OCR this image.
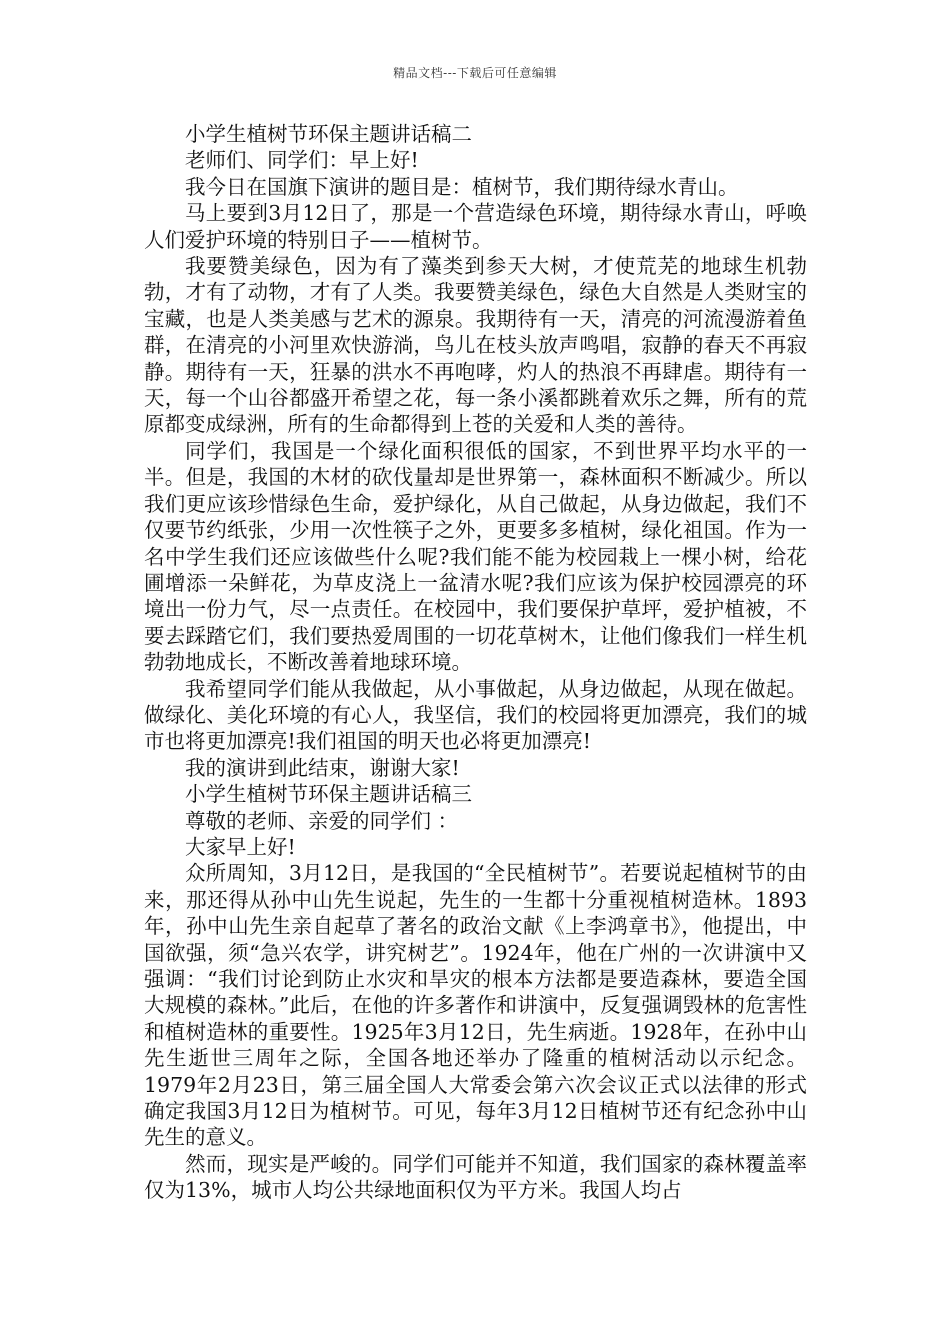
精品文档---下载后可任意编辑

小学生植树节环保主题讲话稿二

老师们、同学们：早上好!

我今日在国旗下演讲的题目是：植树节，我们期待绿水青山。

马上要到3月12日了，那是一个营造绿色环境，期待绿水青山，呼唤人们爱护环境的特别日子——植树节。

我要赞美绿色，因为有了藻类到参天大树，才使荒芜的地球生机勃勃，才有了动物，才有了人类。我要赞美绿色，绿色大自然是人类财宝的宝藏，也是人类美感与艺术的源泉。我期待有一天，清亮的河流漫游着鱼群，在清亮的小河里欢快游淌，鸟儿在枝头放声鸣唱，寂静的春天不再寂静。期待有一天，狂暴的洪水不再咆哮，灼人的热浪不再肆虐。期待有一天，每一个山谷都盛开希望之花，每一条小溪都跳着欢乐之舞，所有的荒原都变成绿洲，所有的生命都得到上苍的关爱和人类的善待。

同学们，我国是一个绿化面积很低的国家，不到世界平均水平的一半。但是，我国的木材的砍伐量却是世界第一，森林面积不断减少。所以我们更应该珍惜绿色生命，爱护绿化，从自己做起，从身边做起，我们不仅要节约纸张，少用一次性筷子之外，更要多多植树，绿化祖国。作为一名中学生我们还应该做些什么呢?我们能不能为校园栽上一棵小树，给花圃增添一朵鲜花，为草皮浇上一盆清水呢?我们应该为保护校园漂亮的环境出一份力气，尽一点责任。在校园中，我们要保护草坪，爱护植被，不要去踩踏它们，我们要热爱周围的一切花草树木，让他们像我们一样生机勃勃地成长，不断改善着地球环境。

我希望同学们能从我做起，从小事做起，从身边做起，从现在做起。做绿化、美化环境的有心人，我坚信，我们的校园将更加漂亮，我们的城市也将更加漂亮!我们祖国的明天也必将更加漂亮!

我的演讲到此结束，谢谢大家!

小学生植树节环保主题讲话稿三

尊敬的老师、亲爱的同学们 ：

大家早上好!

众所周知，3月12日，是我国的“全民植树节”。若要说起植树节的由来，那还得从孙中山先生说起，先生的一生都十分重视植树造林。1893年，孙中山先生亲自起草了著名的政治文献《上李鸿章书》，他提出，中国欲强，须“急兴农学，讲究树艺”。1924年，他在广州的一次讲演中又强调：“我们讨论到防止水灾和旱灾的根本方法都是要造森林，要造全国大规模的森林。”此后，在他的许多著作和讲演中，反复强调毁林的危害性和植树造林的重要性。1925年3月12日，先生病逝。1928年，在孙中山先生逝世三周年之际，全国各地还举办了隆重的植树活动以示纪念。1979年2月23日，第三届全国人大常委会第六次会议正式以法律的形式确定我国3月12日为植树节。可见，每年3月12日植树节还有纪念孙中山先生的意义。

然而，现实是严峻的。同学们可能并不知道，我们国家的森林覆盖率仅为13%，城市人均公共绿地面积仅为平方米。我国人均占
